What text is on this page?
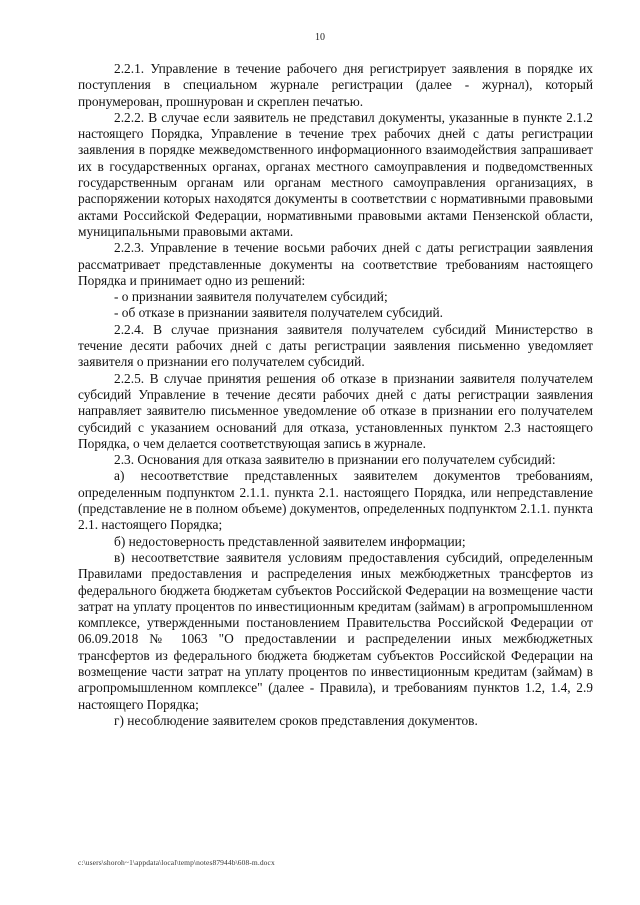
10

2.2.1. Управление в течение рабочего дня регистрирует заявления в порядке их поступления в специальном журнале регистрации (далее - журнал), который пронумерован, прошнурован и скреплен печатью.

2.2.2. В случае если заявитель не представил документы, указанные в пункте 2.1.2 настоящего Порядка, Управление в течение трех рабочих дней с даты регистрации заявления в порядке межведомственного информационного взаимодействия запрашивает их в государственных органах, органах местного самоуправления и подведомственных государственным органам или органам местного самоуправления организациях, в распоряжении которых находятся документы в соответствии с нормативными правовыми актами Российской Федерации, нормативными правовыми актами Пензенской области, муниципальными правовыми актами.

2.2.3. Управление в течение восьми рабочих дней с даты регистрации заявления рассматривает представленные документы на соответствие требованиям настоящего Порядка и принимает одно из решений:

- о признании заявителя получателем субсидий;

- об отказе в признании заявителя получателем субсидий.

2.2.4. В случае признания заявителя получателем субсидий Министерство в течение десяти рабочих дней с даты регистрации заявления письменно уведомляет заявителя о признании его получателем субсидий.

2.2.5. В случае принятия решения об отказе в признании заявителя получателем субсидий Управление в течение десяти рабочих дней с даты регистрации заявления направляет заявителю письменное уведомление об отказе в признании его получателем субсидий с указанием оснований для отказа, установленных пунктом 2.3 настоящего Порядка, о чем делается соответствующая запись в журнале.

2.3. Основания для отказа заявителю в признании его получателем субсидий:

а) несоответствие представленных заявителем документов требованиям, определенным подпунктом 2.1.1. пункта 2.1. настоящего Порядка, или непредставление (представление не в полном объеме) документов, определенных подпунктом 2.1.1. пункта 2.1. настоящего Порядка;

б) недостоверность представленной заявителем информации;

в) несоответствие заявителя условиям предоставления субсидий, определенным Правилами предоставления и распределения иных межбюджетных трансфертов из федерального бюджета бюджетам субъектов Российской Федерации на возмещение части затрат на уплату процентов по инвестиционным кредитам (займам) в агропромышленном комплексе, утвержденными постановлением Правительства Российской Федерации от 06.09.2018 № 1063 "О предоставлении и распределении иных межбюджетных трансфертов из федерального бюджета бюджетам субъектов Российской Федерации на возмещение части затрат на уплату процентов по инвестиционным кредитам (займам) в агропромышленном комплексе" (далее - Правила), и требованиям пунктов 1.2, 1.4, 2.9 настоящего Порядка;

г) несоблюдение заявителем сроков представления документов.

c:\users\shoroh~1\appdata\local\temp\notes87944b\608-m.docx
